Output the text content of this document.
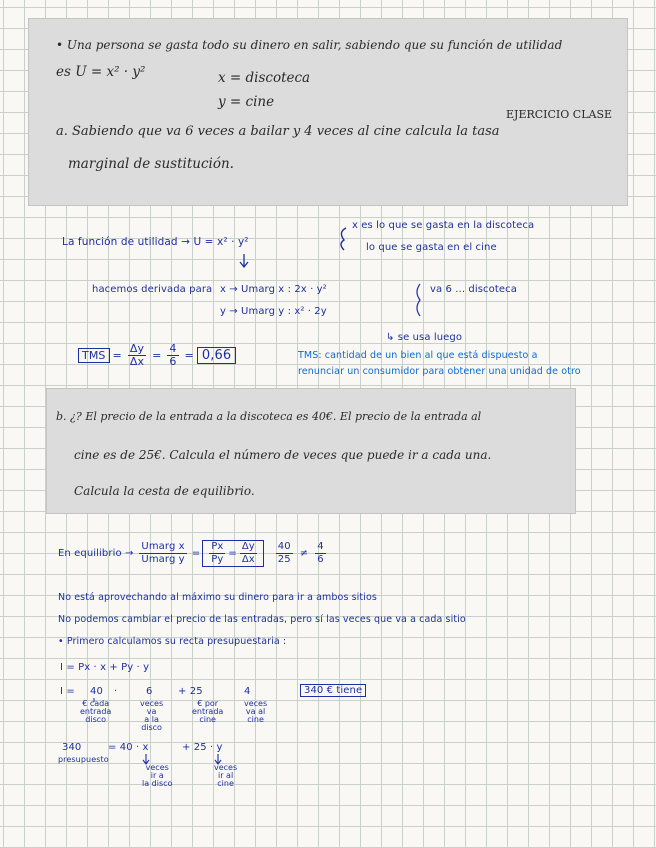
• Una persona se gasta todo su dinero en salir, sabiendo que su función de utilidad
es U = x² · y²	x = discoteca
y = cine
EJERCICIO CLASE
a. Sabiendo que va 6 veces a bailar y 4 veces al cine calcula la tasa
marginal de sustitución.
La función de utilidad → U = x² · y²
x es lo que se gasta en la discoteca
lo que se gasta en el cine
hacemos derivada para x → Umarg x : 2x · y²
y → Umarg y : x² · 2y
va 6 ... discoteca
↳ se usa luego
TMS = $\frac{\Delta y}{\Delta x} = \frac{4}{6} = 0,66$	TMS: cantidad de un bien al que está dispuesto a
renunciar un consumidor para obtener una unidad de otro
b. ¿? El precio de la entrada a la discoteca es 40€. El precio de la entrada al
cine es de 25€. Calcula el número de veces que puede ir a cada una.
Calcula la cesta de equilibrio.
En equilibrio → $\frac{\text{Umarg x}}{\text{Umarg y}} = \frac{Px}{Py} = \frac{\Delta y}{\Delta x} \frac{40}{25} \ne \frac{4}{6}$
No está aprovechando al máximo su dinero para ir a ambos sitios
No podemos cambiar el precio de las entradas, pero sí las veces que va a cada sitio
• Primero calculamos su recta presupuestaria :
I = Px · x + Py · y
I = 40 ·	6	+ 25	4	340 € tiene
€ cada
entrada
disco
veces
va
a la
disco
€ por
entrada
cine
veces
va al
cine
340
presupuesto
= 40 · x	+ 25 · y
veces
ir a
la disco
veces
ir al
cine
